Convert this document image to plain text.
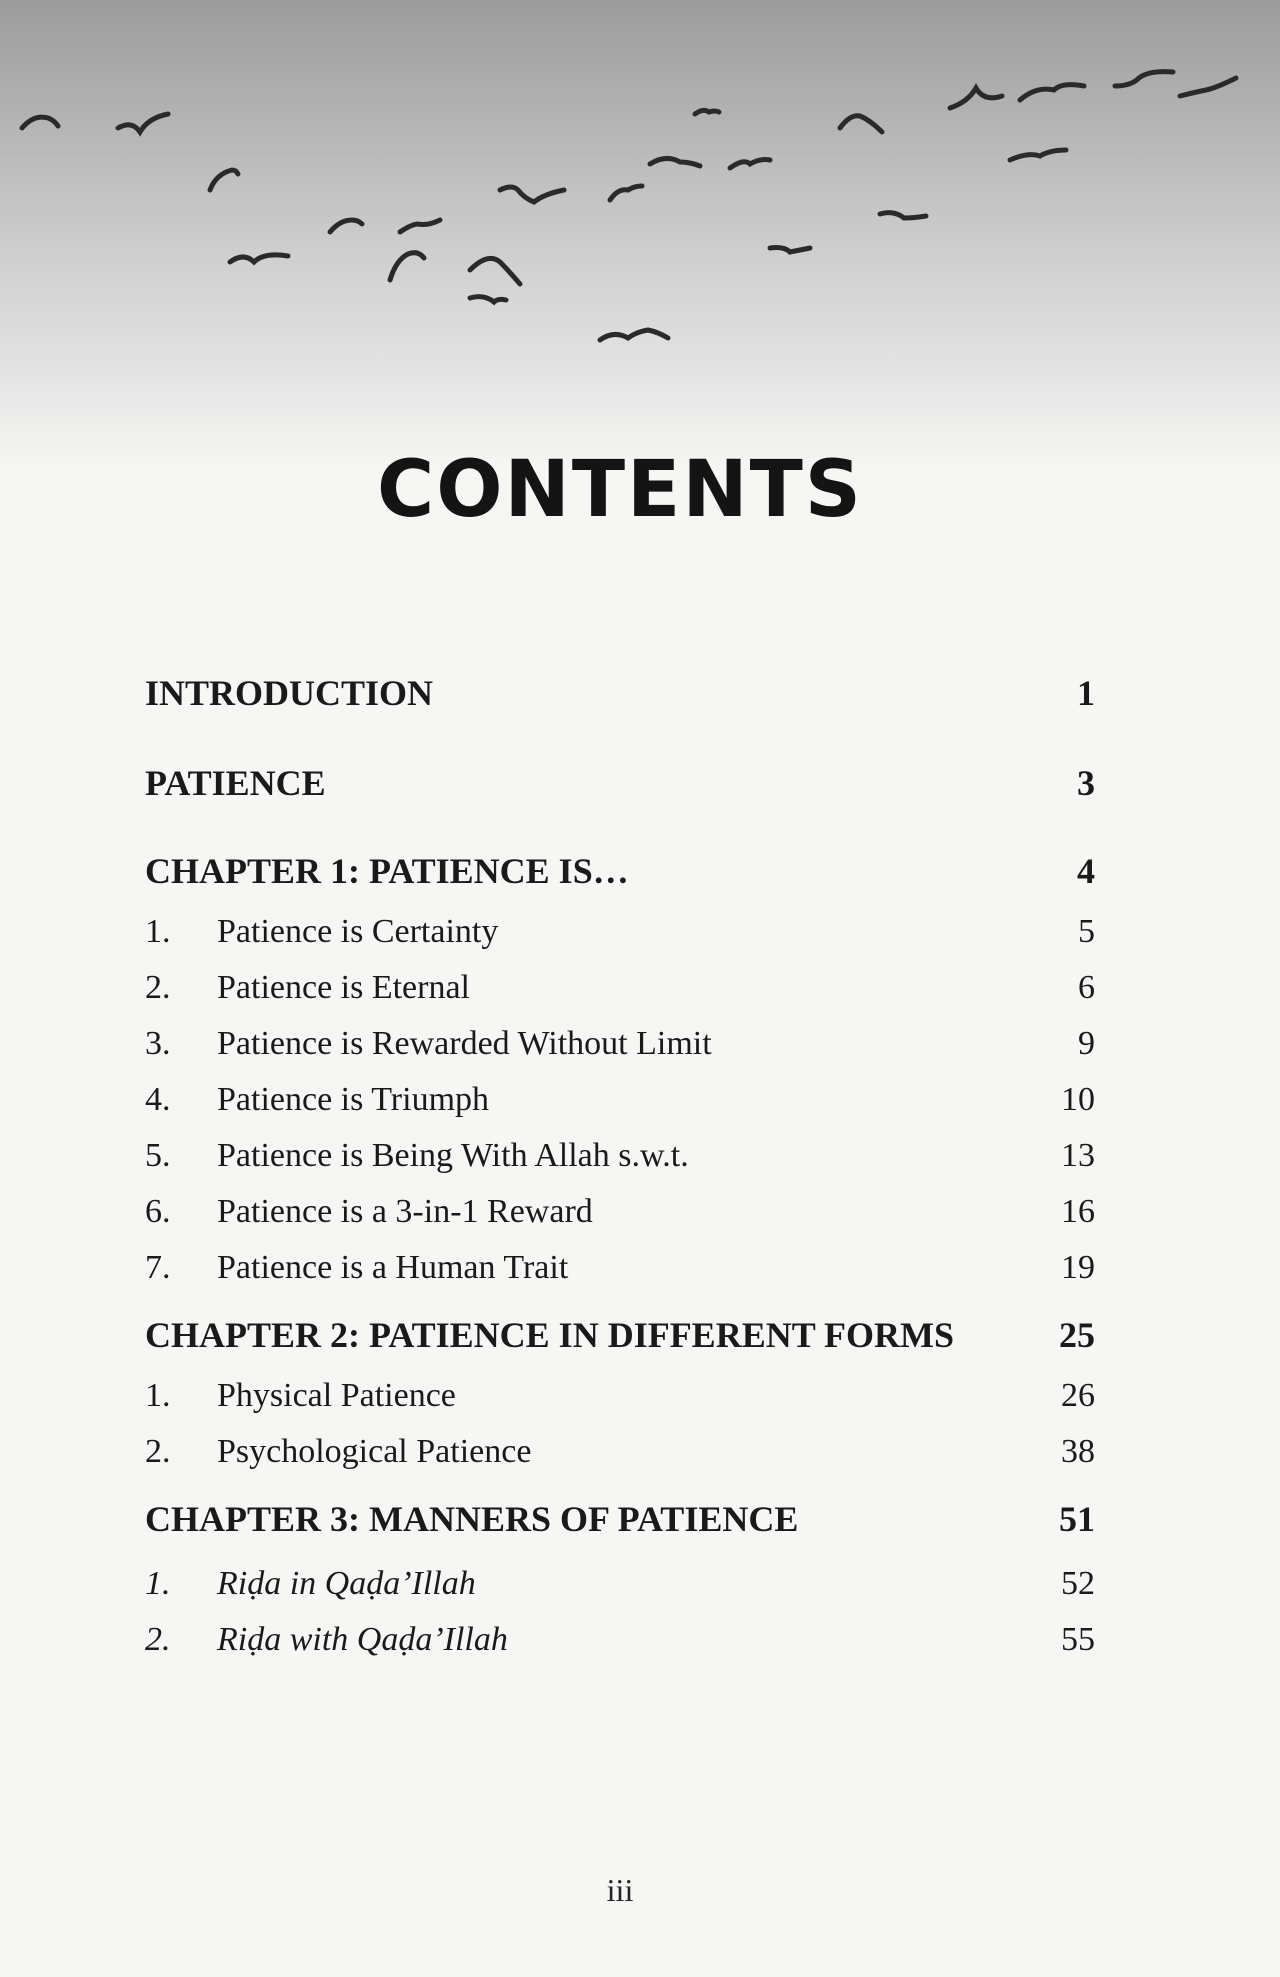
CONTENTS
INTRODUCTION	1
PATIENCE	3
CHAPTER 1: PATIENCE IS…	4
1.	Patience is Certainty	5
2.	Patience is Eternal	6
3.	Patience is Rewarded Without Limit	9
4.	Patience is Triumph	10
5.	Patience is Being With Allah s.w.t.	13
6.	Patience is a 3-in-1 Reward	16
7.	Patience is a Human Trait	19
CHAPTER 2: PATIENCE IN DIFFERENT FORMS	25
1.	Physical Patience	26
2.	Psychological Patience	38
CHAPTER 3: MANNERS OF PATIENCE	51
1.	Riḍa in Qaḍa’Illah	52
2.	Riḍa with Qaḍa’Illah	55
iii
